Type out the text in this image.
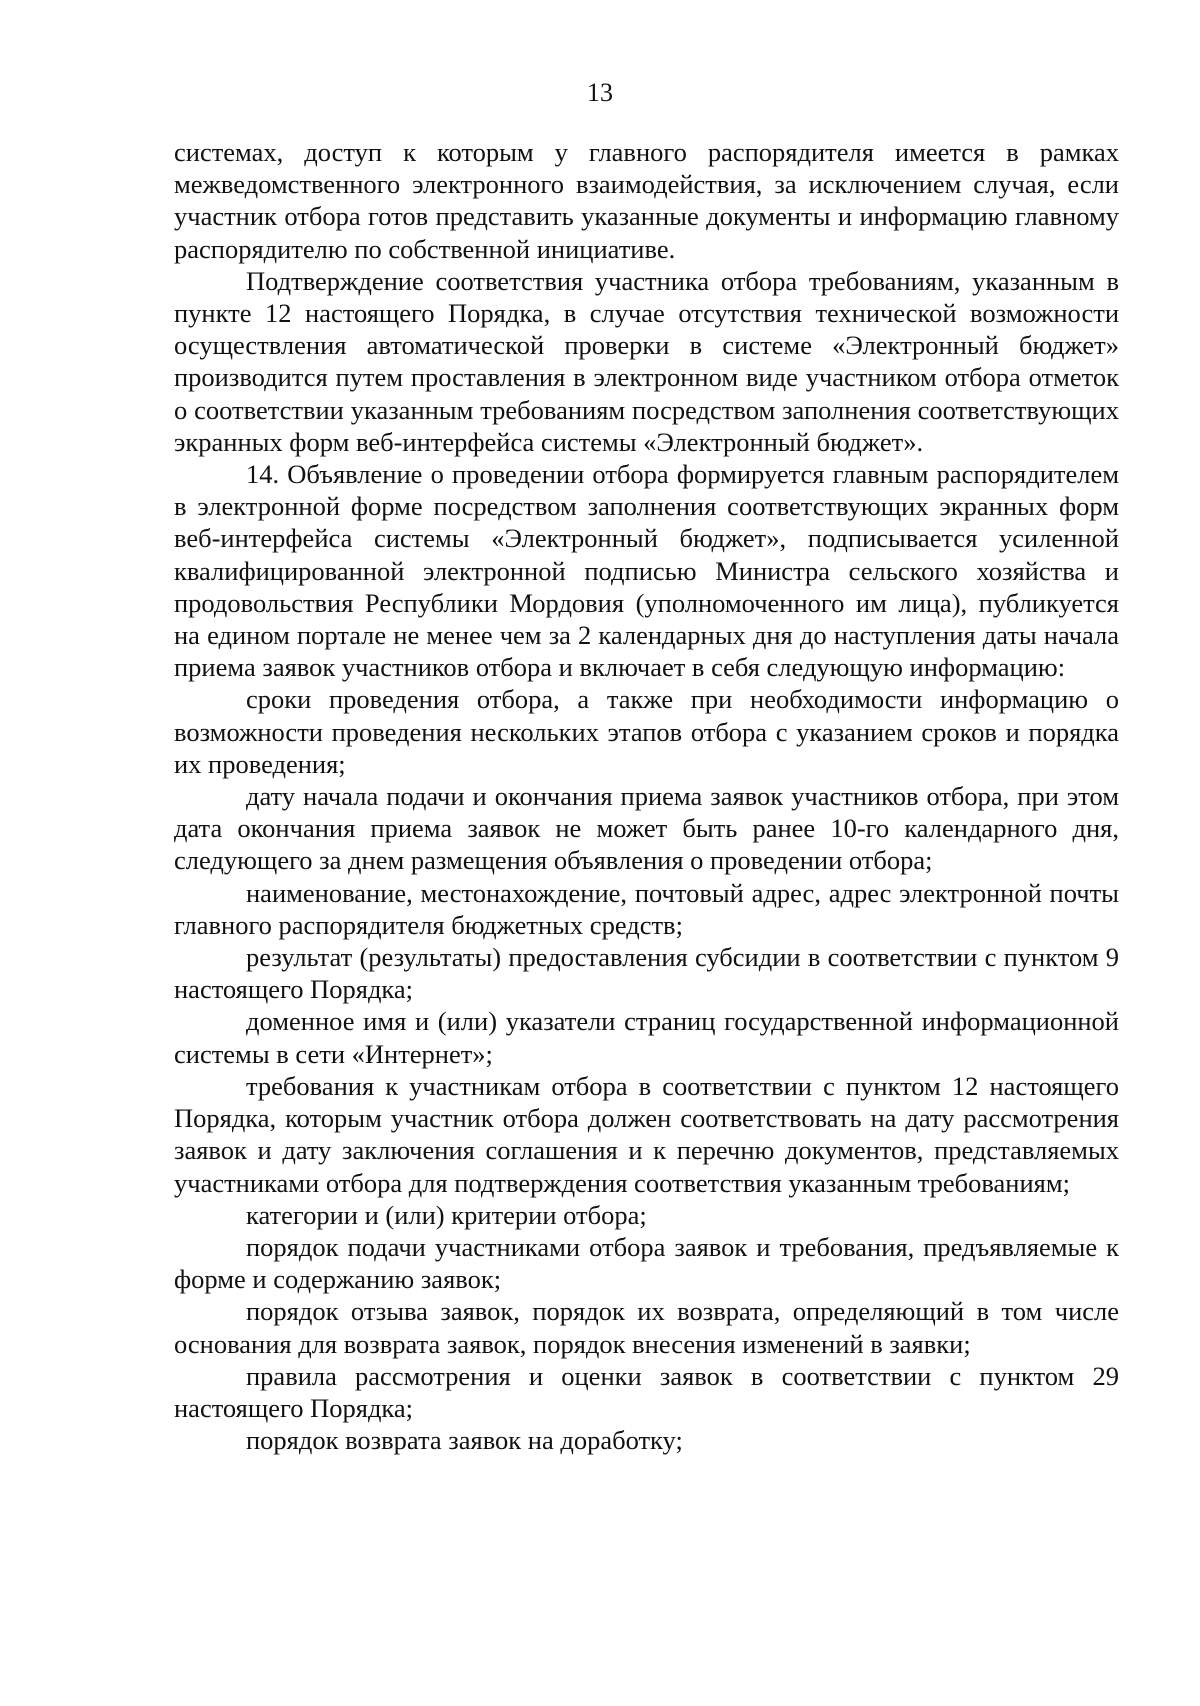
13

системах, доступ к которым у главного распорядителя имеется в рамках межведомственного электронного взаимодействия, за исключением случая, если участник отбора готов представить указанные документы и информацию главному распорядителю по собственной инициативе.

Подтверждение соответствия участника отбора требованиям, указанным в пункте 12 настоящего Порядка, в случае отсутствия технической возможности осуществления автоматической проверки в системе «Электронный бюджет» производится путем проставления в электронном виде участником отбора отметок о соответствии указанным требованиям посредством заполнения соответствующих экранных форм веб-интерфейса системы «Электронный бюджет».

14. Объявление о проведении отбора формируется главным распорядителем в электронной форме посредством заполнения соответствующих экранных форм веб-интерфейса системы «Электронный бюджет», подписывается усиленной квалифицированной электронной подписью Министра сельского хозяйства и продовольствия Республики Мордовия (уполномоченного им лица), публикуется на едином портале не менее чем за 2 календарных дня до наступления даты начала приема заявок участников отбора и включает в себя следующую информацию:

сроки проведения отбора, а также при необходимости информацию о возможности проведения нескольких этапов отбора с указанием сроков и порядка их проведения;

дату начала подачи и окончания приема заявок участников отбора, при этом дата окончания приема заявок не может быть ранее 10-го календарного дня, следующего за днем размещения объявления о проведении отбора;

наименование, местонахождение, почтовый адрес, адрес электронной почты главного распорядителя бюджетных средств;

результат (результаты) предоставления субсидии в соответствии с пунктом 9 настоящего Порядка;

доменное имя и (или) указатели страниц государственной информационной системы в сети «Интернет»;

требования к участникам отбора в соответствии с пунктом 12 настоящего Порядка, которым участник отбора должен соответствовать на дату рассмотрения заявок и дату заключения соглашения и к перечню документов, представляемых участниками отбора для подтверждения соответствия указанным требованиям;

категории и (или) критерии отбора;

порядок подачи участниками отбора заявок и требования, предъявляемые к форме и содержанию заявок;

порядок отзыва заявок, порядок их возврата, определяющий в том числе основания для возврата заявок, порядок внесения изменений в заявки;

правила рассмотрения и оценки заявок в соответствии с пунктом 29 настоящего Порядка;

порядок возврата заявок на доработку;
